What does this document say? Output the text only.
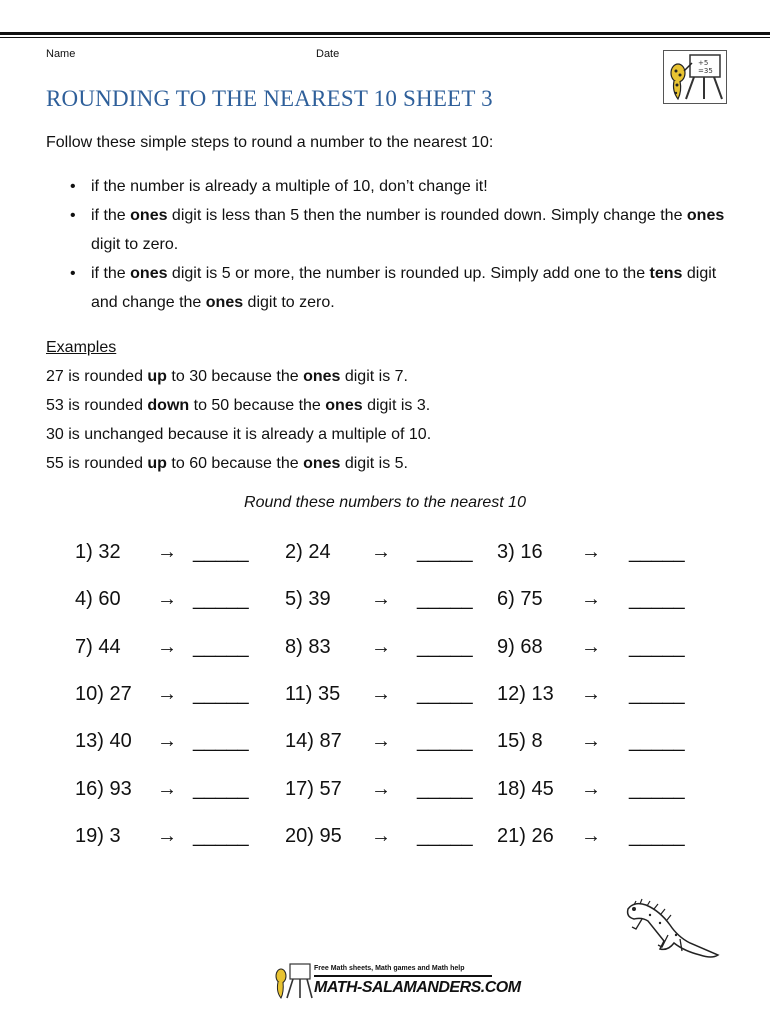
Name	Date
ROUNDING TO THE NEAREST 10 SHEET 3
+5
=35
Follow these simple steps to round a number to the nearest 10:
• if the number is already a multiple of 10, don’t change it!
• if the ones digit is less than 5 then the number is rounded down. Simply change the ones digit to zero.
• if the ones digit is 5 or more, the number is rounded up. Simply add one to the tens digit and change the ones digit to zero.
Examples
27 is rounded up to 30 because the ones digit is 7.
53 is rounded down to 50 because the ones digit is 3.
30 is unchanged because it is already a multiple of 10.
55 is rounded up to 60 because the ones digit is 5.
Round these numbers to the nearest 10
1) 32 → _____ 2) 24 → _____ 3) 16 → _____
4) 60 → _____ 5) 39 → _____ 6) 75 → _____
7) 44 → _____ 8) 83 → _____ 9) 68 → _____
10) 27 → _____ 11) 35 → _____ 12) 13 → _____
13) 40 → _____ 14) 87 → _____ 15) 8 → _____
16) 93 → _____ 17) 57 → _____ 18) 45 → _____
19) 3 → _____ 20) 95 → _____ 21) 26 → _____
Free Math sheets, Math games and Math help
MATH-SALAMANDERS.COM
